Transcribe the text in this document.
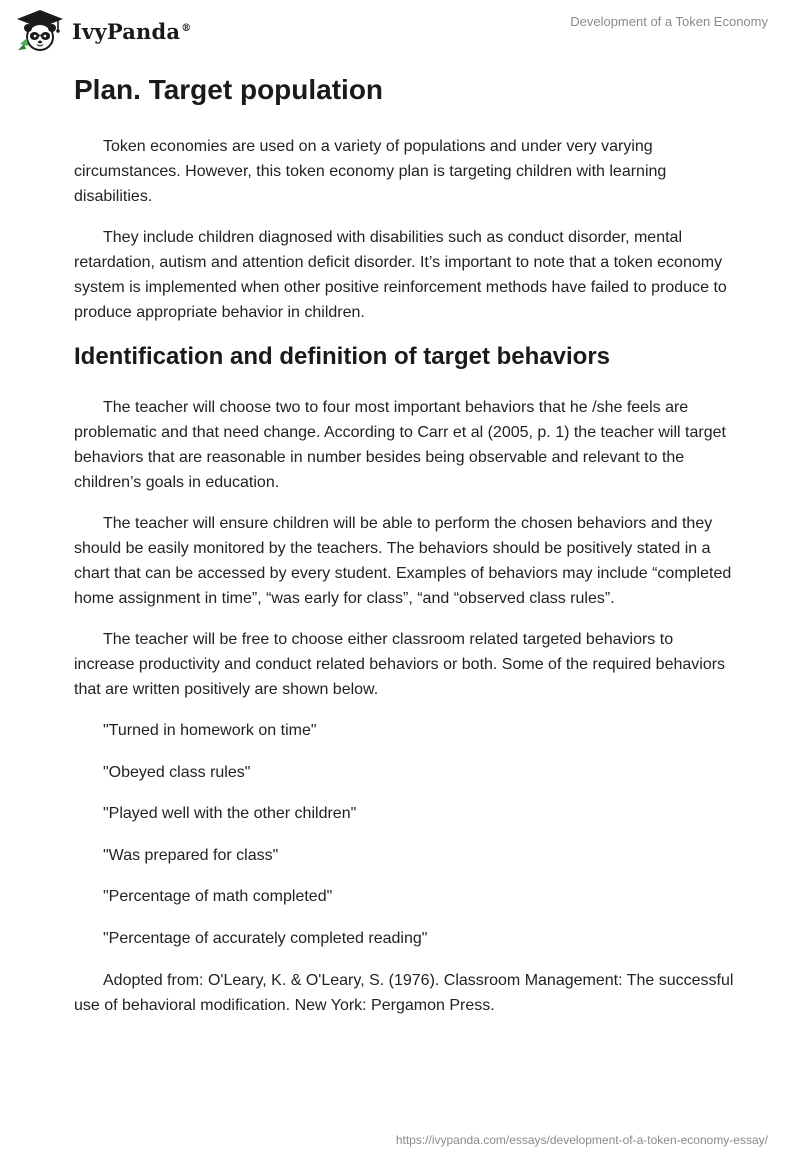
IvyPanda®	Development of a Token Economy
Plan. Target population

Token economies are used on a variety of populations and under very varying circumstances. However, this token economy plan is targeting children with learning disabilities.

They include children diagnosed with disabilities such as conduct disorder, mental retardation, autism and attention deficit disorder. It’s important to note that a token economy system is implemented when other positive reinforcement methods have failed to produce to produce appropriate behavior in children.

Identification and definition of target behaviors

The teacher will choose two to four most important behaviors that he /she feels are problematic and that need change. According to Carr et al (2005, p. 1) the teacher will target behaviors that are reasonable in number besides being observable and relevant to the children’s goals in education.

The teacher will ensure children will be able to perform the chosen behaviors and they should be easily monitored by the teachers. The behaviors should be positively stated in a chart that can be accessed by every student. Examples of behaviors may include “completed home assignment in time”, “was early for class”, “and “observed class rules”.

The teacher will be free to choose either classroom related targeted behaviors to increase productivity and conduct related behaviors or both. Some of the required behaviors that are written positively are shown below.

"Turned in homework on time"
"Obeyed class rules"
"Played well with the other children"
"Was prepared for class"
"Percentage of math completed"
"Percentage of accurately completed reading"

Adopted from: O'Leary, K. & O'Leary, S. (1976). Classroom Management: The successful use of behavioral modification. New York: Pergamon Press.

https://ivypanda.com/essays/development-of-a-token-economy-essay/
